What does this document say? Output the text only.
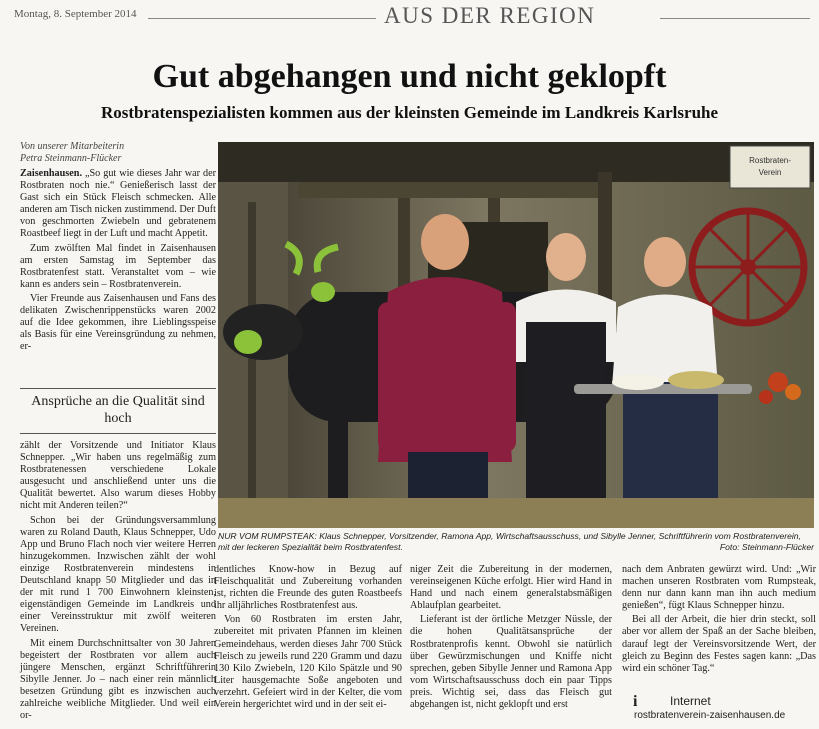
Montag, 8. September 2014	AUS DER REGION
Gut abgehangen und nicht geklopft
Rostbratenspezialisten kommen aus der kleinsten Gemeinde im Landkreis Karlsruhe
Von unserer Mitarbeiterin
Petra Steinmann-Flücker

Zaisenhausen. „So gut wie dieses Jahr war der Rostbraten noch nie.“ Genießerisch lasst der Gast sich ein Stück Fleisch schmecken. Alle anderen am Tisch nicken zustimmend. Der Duft von geschmorten Zwiebeln und gebratenem Roastbeef liegt in der Luft und macht Appetit.

Zum zwölften Mal findet in Zaisenhausen am ersten Samstag im September das Rostbratenfest statt. Veranstaltet vom – wie kann es anders sein – Rostbratenverein.

Vier Freunde aus Zaisenhausen und Fans des delikaten Zwischenrippenstücks waren 2002 auf die Idee gekommen, ihre Lieblingsspeise als Basis für eine Vereinsgründung zu nehmen, er-

Ansprüche an die Qualität sind hoch

zählt der Vorsitzende und Initiator Klaus Schnepper. „Wir haben uns regelmäßig zum Rostbratenessen verschiedene Lokale ausgesucht und anschließend unter uns die Qualität bewertet. Also warum dieses Hobby nicht mit Anderen teilen?“

Schon bei der Gründungsversammlung waren zu Roland Dauth, Klaus Schnepper, Udo App und Bruno Flach noch vier weitere Herren hinzugekommen. Inzwischen zählt der wohl einzige Rostbratenverein mindestens in Deutschland knapp 50 Mitglieder und das in der mit rund 1 700 Einwohnern kleinsten, eigenständigen Gemeinde im Landkreis und einer Vereinsstruktur mit zwölf weiteren Vereinen.

Mit einem Durchschnittsalter von 30 Jahren begeistert der Rostbraten vor allem auch jüngere Menschen, ergänzt Schriftführerin Sibylle Jenner. Jo – nach einer rein männlich besetzen Gründung gibt es inzwischen auch zahlreiche weibliche Mitglieder. Und weil ein or-

Rostbraten-
Verein
NUR VOM RUMPSTEAK: Klaus Schnepper, Vorsitzender, Ramona App, Wirtschaftsausschuss, und Sibylle Jenner, Schriftführerin vom Rostbratenverein, mit der leckeren Spezialität beim Rostbratenfest.	Foto: Steinmann-Flücker

dentliches Know-how in Bezug auf Fleischqualität und Zubereitung vorhanden ist, richten die Freunde des guten Roastbeefs ihr alljährliches Rostbratenfest aus.

Von 60 Rostbraten im ersten Jahr, zubereitet mit privaten Pfannen im kleinen Gemeindehaus, werden dieses Jahr 700 Stück Fleisch zu jeweils rund 220 Gramm und dazu 130 Kilo Zwiebeln, 120 Kilo Spätzle und 90 Liter hausgemachte Soße angeboten und verzehrt. Gefeiert wird in der Kelter, die vom Verein hergerichtet wird und in der seit ei-

niger Zeit die Zubereitung in der modernen, vereinseigenen Küche erfolgt. Hier wird Hand in Hand und nach einem generalstabsmäßigen Ablaufplan gearbeitet.

Lieferant ist der örtliche Metzger Nüssle, der die hohen Qualitätsansprüche der Rostbratenprofis kennt. Obwohl sie natürlich über Gewürzmischungen und Kniffe nicht sprechen, geben Sibylle Jenner und Ramona App vom Wirtschaftsausschuss doch ein paar Tipps preis. Wichtig sei, dass das Fleisch gut abgehangen ist, nicht geklopft und erst

nach dem Anbraten gewürzt wird. Und: „Wir machen unseren Rostbraten vom Rumpsteak, denn nur dann kann man ihn auch medium genießen“, fügt Klaus Schnepper hinzu.

Bei all der Arbeit, die hier drin steckt, soll aber vor allem der Spaß an der Sache bleiben, darauf legt der Vereinsvorsitzende Wert, der gleich zu Beginn des Festes sagen kann: „Das wird ein schöner Tag.“

i	Internet
rostbratenverein-zaisenhausen.de
